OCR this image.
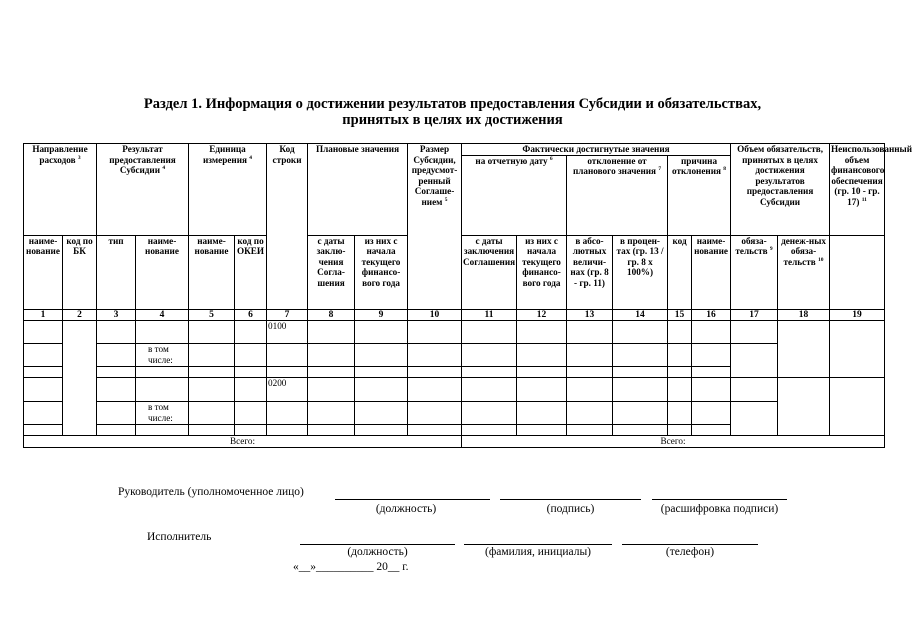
Раздел 1. Информация о достижении результатов предоставления Субсидии и обязательствах,
принятых в целях их достижения
Направление расходов $^3$		Результат предоставления Субсидии $^4$		Единица измерения $^4$		Код строки	Плановые значения		Размер Субсидии, предусмот-ренный Соглаше-нием $^5$	Фактически достигнутые значения						Объем обязательств, принятых в целях достижения результатов предоставления Субсидии		Неиспользованный объем финансового обеспечения (гр. 10 - гр. 17) $^{11}$
										на отчетную дату $^6$		отклонение от планового значения $^7$		причина отклонения $^8$
наиме-нование	код по БК	тип	наиме-нование	наиме-нование	код по ОКЕИ		с даты заклю-чения Согла-шения	из них с начала текущего финансо-вого года		с даты заключения Соглашения	из них с начала текущего финансо-вого года	в абсо-лютных величи-нах (гр. 8 - гр. 11)	в процен-тах (гр. 13 / гр. 8 x 100%)	код	наиме-нование	обяза-тельств $^9$	денеж-ных обяза-тельств $^{10}$	
1	2	3	4	5	6	7	8	9	10	11	12	13	14	15	16	17	18	19
						0100												
			в том числе:															

						0200												
			в том числе:															

Всего:										Всего:								
Руководитель (уполномоченное лицо)
(должность)	(подпись)	(расшифровка подписи)
Исполнитель
(должность)	(фамилия, инициалы)	(телефон)
«__»__________ 20__ г.
